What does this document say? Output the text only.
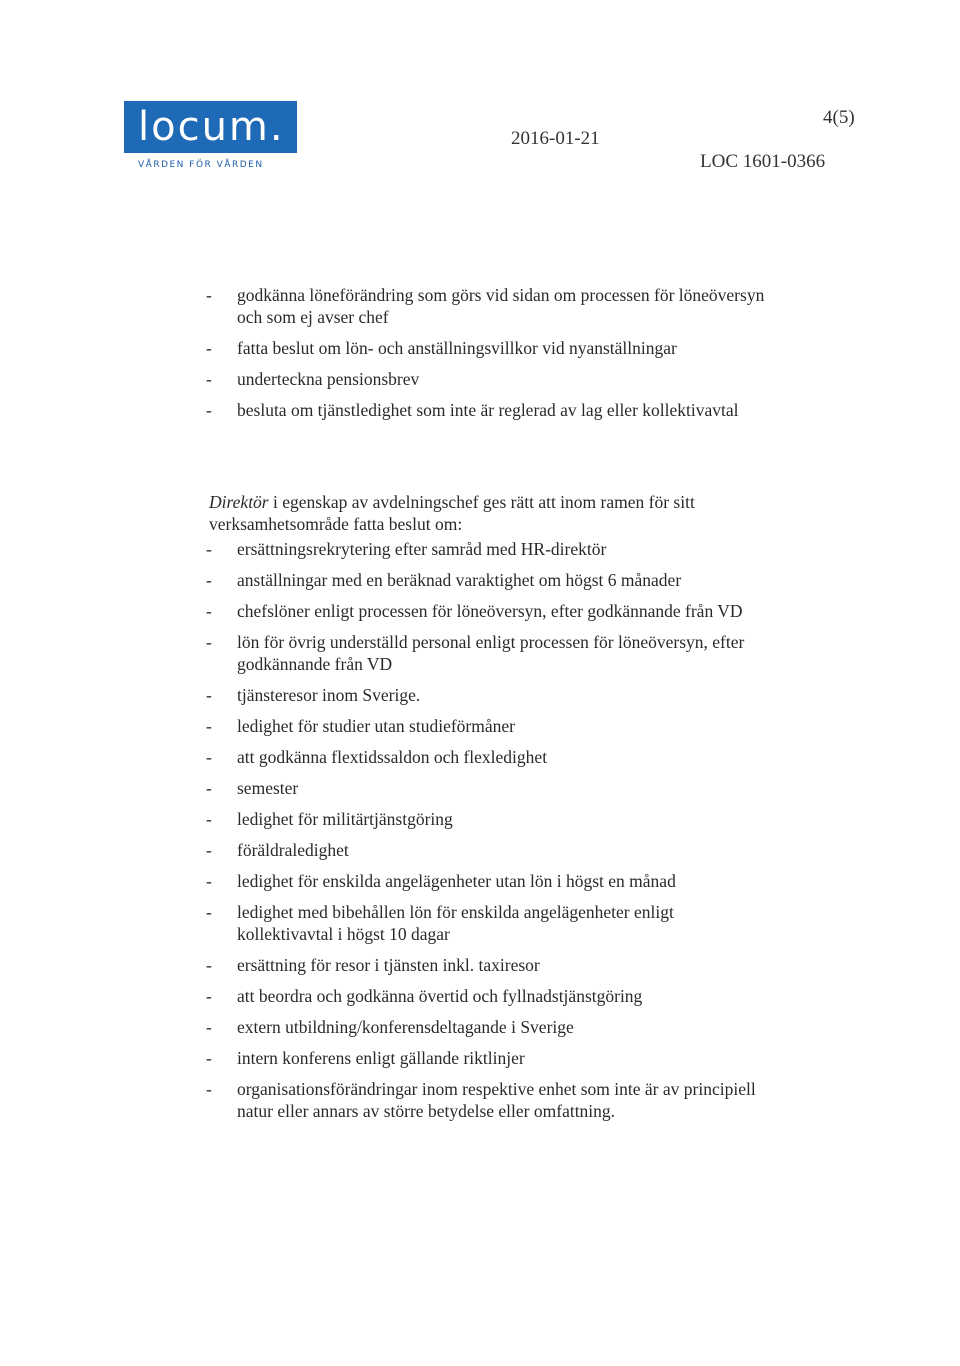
locum.
VÅRDEN FÖR VÅRDEN
2016-01-21
4(5)
LOC 1601-0366
- godkänna löneförändring som görs vid sidan om processen för löneöversyn och som ej avser chef
- fatta beslut om lön- och anställningsvillkor vid nyanställningar
- underteckna pensionsbrev
- besluta om tjänstledighet som inte är reglerad av lag eller kollektivavtal

Direktör i egenskap av avdelningschef ges rätt att inom ramen för sitt verksamhetsområde fatta beslut om:

- ersättningsrekrytering efter samråd med HR-direktör
- anställningar med en beräknad varaktighet om högst 6 månader
- chefslöner enligt processen för löneöversyn, efter godkännande från VD
- lön för övrig underställd personal enligt processen för löneöversyn, efter godkännande från VD
- tjänsteresor inom Sverige.
- ledighet för studier utan studieförmåner
- att godkänna flextidssaldon och flexledighet
- semester
- ledighet för militärtjänstgöring
- föräldraledighet
- ledighet för enskilda angelägenheter utan lön i högst en månad
- ledighet med bibehållen lön för enskilda angelägenheter enligt kollektivavtal i högst 10 dagar
- ersättning för resor i tjänsten inkl. taxiresor
- att beordra och godkänna övertid och fyllnadstjänstgöring
- extern utbildning/konferensdeltagande i Sverige
- intern konferens enligt gällande riktlinjer
- organisationsförändringar inom respektive enhet som inte är av principiell natur eller annars av större betydelse eller omfattning.
